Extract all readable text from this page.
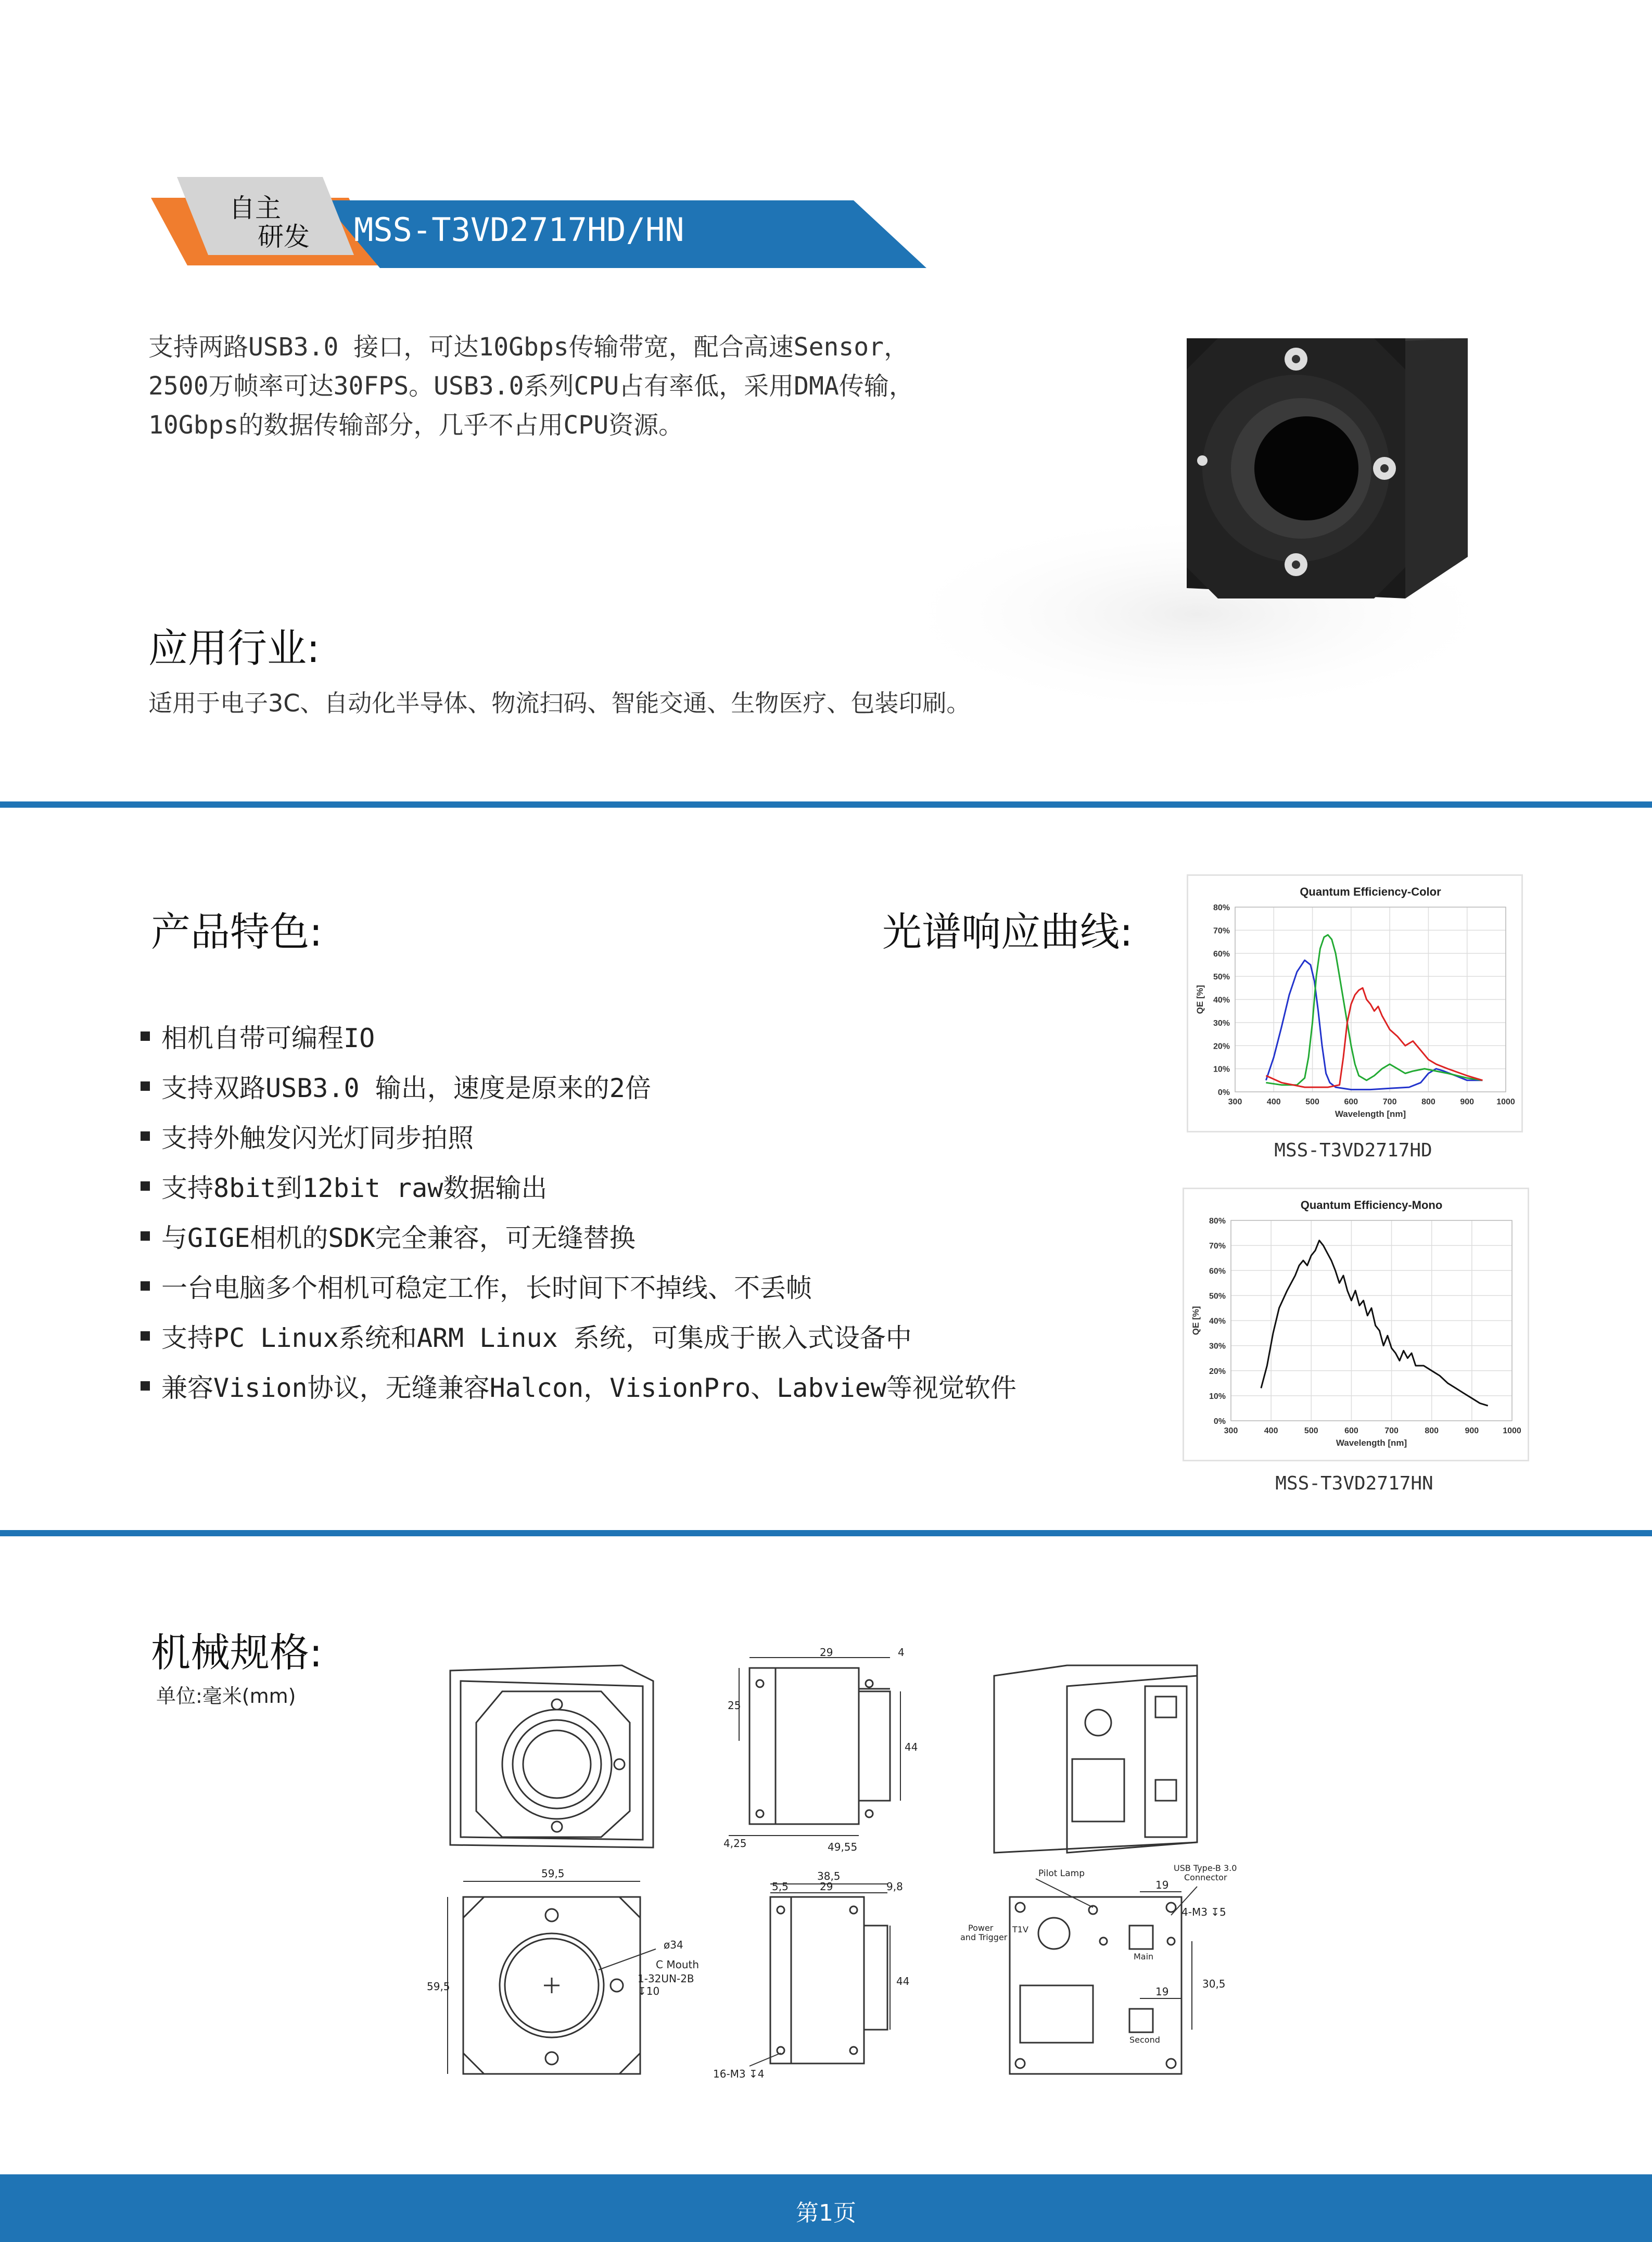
自主
研发 MSS-T3VD2717HD/HN
支持两路USB3.0 接口，可达10Gbps传输带宽，配合高速Sensor，
2500万帧率可达30FPS。USB3.0系列CPU占有率低，采用DMA传输，
10Gbps的数据传输部分，几乎不占用CPU资源。
应用行业:
适用于电子3C、自动化半导体、物流扫码、智能交通、生物医疗、包装印刷。
产品特色:	光谱响应曲线:
相机自带可编程IO
支持双路USB3.0 输出，速度是原来的2倍
支持外触发闪光灯同步拍照
支持8bit到12bit raw数据输出
与GIGE相机的SDK完全兼容，可无缝替换
一台电脑多个相机可稳定工作，长时间下不掉线、不丢帧
支持PC Linux系统和ARM Linux 系统，可集成于嵌入式设备中
兼容Vision协议，无缝兼容Halcon，VisionPro、Labview等视觉软件
Quantum Efficiency-Color
0%
10%
20%
30%
40%
50%
60%
70%
80%
300	400	500	600	700	800	900	1000
Wavelength [nm]
QE [%]
MSS-T3VD2717HD
Quantum Efficiency-Mono
0%
10%
20%
30%
40%
50%
60%
70%
80%
300	400	500	600	700	800	900	1000
Wavelength [nm]
QE [%]
MSS-T3VD2717HN
机械规格:
单位:毫米(mm)
29	4
25
44
4,25	49,55
59,5
59,5
ø34
C Mouth
1-32UN-2B ↧10
38,5
5,5	29	9,8
44
16-M3 ↧4
Pilot Lamp
USB Type-B 3.0
Connector
19
4-M3 ↧5
Power
and Trigger
T1V
Main
19
30,5
Second
第1页
